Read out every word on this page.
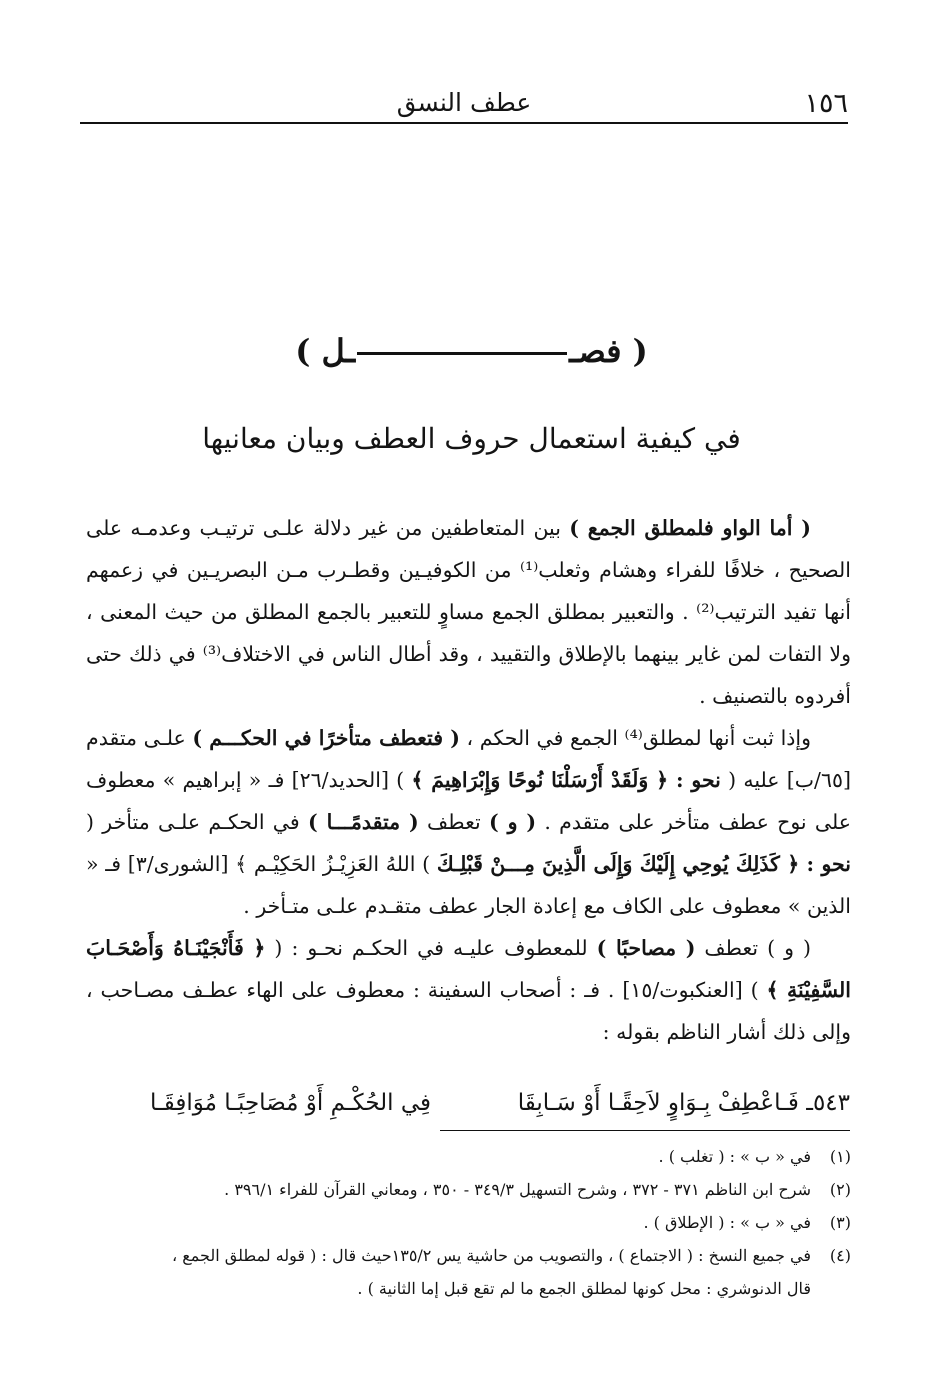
١٥٦
عطف النسق
( فصــل )
في كيفية استعمال حروف العطف وبيان معانيها

( أما الواو فلمطلق الجمع ) بين المتعاطفين من غير دلالة علـى ترتيـب وعدمـه على الصحيح ، خلافًا للفراء وهشام وثعلب⁽¹⁾ من الكوفيـين وقطـرب مـن البصريـين في زعمهم أنها تفيد الترتيب⁽²⁾ . والتعبير بمطلق الجمع مساوٍ للتعبير بالجمع المطلق من حيث المعنى ، ولا التفات لمن غاير بينهما بالإطلاق والتقييد ، وقد أطال الناس في الاختلاف⁽³⁾ في ذلك حتى أفردوه بالتصنيف .

وإذا ثبت أنها لمطلق⁽⁴⁾ الجمع في الحكم ، ( فتعطف متأخرًا في الحكـــم ) علـى متقدم [٦٥/ب] عليه ( نحو : ﴿ وَلَقَدْ أَرْسَلْنَا نُوحًا وَإِبْرَاهِيمَ ﴾ ) [الحديد/٢٦] فـ « إبراهيم » معطوف على نوح عطف متأخر على متقدم . ( و ) تعطف ( متقدمًـــا ) في الحكـم علـى متأخر ( نحو : ﴿ كَذَلِكَ يُوحِي إِلَيْكَ وَإِلَى الَّذِينَ مِـــنْ قَبْلِـكَ ) اللهُ العَزِيْـزُ الحَكِيْـم ﴾ [الشورى/٣] فـ « الذين » معطوف على الكاف مع إعادة الجار عطف متقـدم علـى متـأخر .

( و ) تعطف ( مصاحبًا ) للمعطوف عليـه في الحكـم نحـو : ( ﴿ فَأَنْجَيْنَـاهُ وَأَصْحَـابَ السَّفِيْنَةِ ﴾ ) [العنكبوت/١٥] . فـ : أصحاب السفينة : معطوف على الهاء عطـف مصـاحب ، وإلى ذلك أشار الناظم بقوله :

٥٤٣ـ فَـاعْطِفْ بِـوَاوٍ لاَحِقًـا أَوْ سَـابِقَا
فِي الحُكْـمِ أَوْ مُصَاحِبًـا مُوَافِقَـا
(١)
في « ب » : ( تغلب ) .
(٢)
شرح ابن الناظم ٣٧١ - ٣٧٢ ، وشرح التسهيل ٣٤٩/٣ - ٣٥٠ ، ومعاني القرآن للفراء ٣٩٦/١ .
(٣)
في « ب » : ( الإطلاق ) .
(٤)
في جميع النسخ : ( الاجتماع ) ، والتصويب من حاشية يس ١٣٥/٢حيث قال : ( قوله لمطلق الجمع ،
قال الدنوشري : محل كونها لمطلق الجمع ما لم تقع قبل إما الثانية ) .
